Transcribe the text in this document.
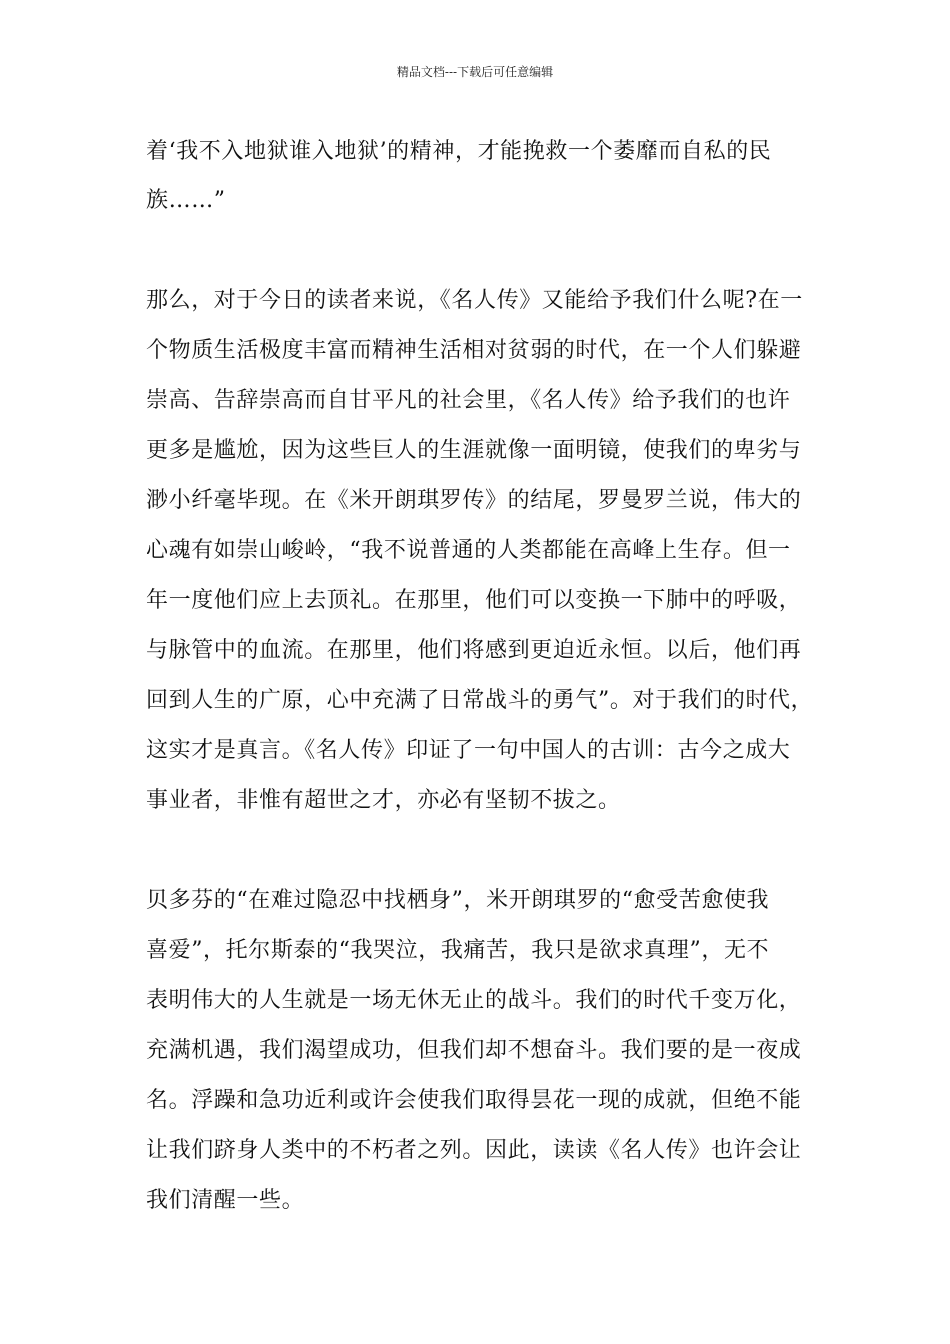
精品文档---下载后可任意编辑
着‘我不入地狱谁入地狱’的精神，才能挽救一个萎靡而自私的民
族……”
那么，对于今日的读者来说，《名人传》又能给予我们什么呢?在一
个物质生活极度丰富而精神生活相对贫弱的时代，在一个人们躲避
崇高、告辞崇高而自甘平凡的社会里，《名人传》给予我们的也许
更多是尴尬，因为这些巨人的生涯就像一面明镜，使我们的卑劣与
渺小纤毫毕现。在《米开朗琪罗传》的结尾，罗曼罗兰说，伟大的
心魂有如崇山峻岭，“我不说普通的人类都能在高峰上生存。但一
年一度他们应上去顶礼。在那里，他们可以变换一下肺中的呼吸，
与脉管中的血流。在那里，他们将感到更迫近永恒。以后，他们再
回到人生的广原，心中充满了日常战斗的勇气”。对于我们的时代，
这实才是真言。《名人传》印证了一句中国人的古训：古今之成大
事业者，非惟有超世之才，亦必有坚韧不拔之。
贝多芬的“在难过隐忍中找栖身”，米开朗琪罗的“愈受苦愈使我
喜爱”，托尔斯泰的“我哭泣，我痛苦，我只是欲求真理”，无不
表明伟大的人生就是一场无休无止的战斗。我们的时代千变万化，
充满机遇，我们渴望成功，但我们却不想奋斗。我们要的是一夜成
名。浮躁和急功近利或许会使我们取得昙花一现的成就，但绝不能
让我们跻身人类中的不朽者之列。因此，读读《名人传》也许会让
我们清醒一些。
